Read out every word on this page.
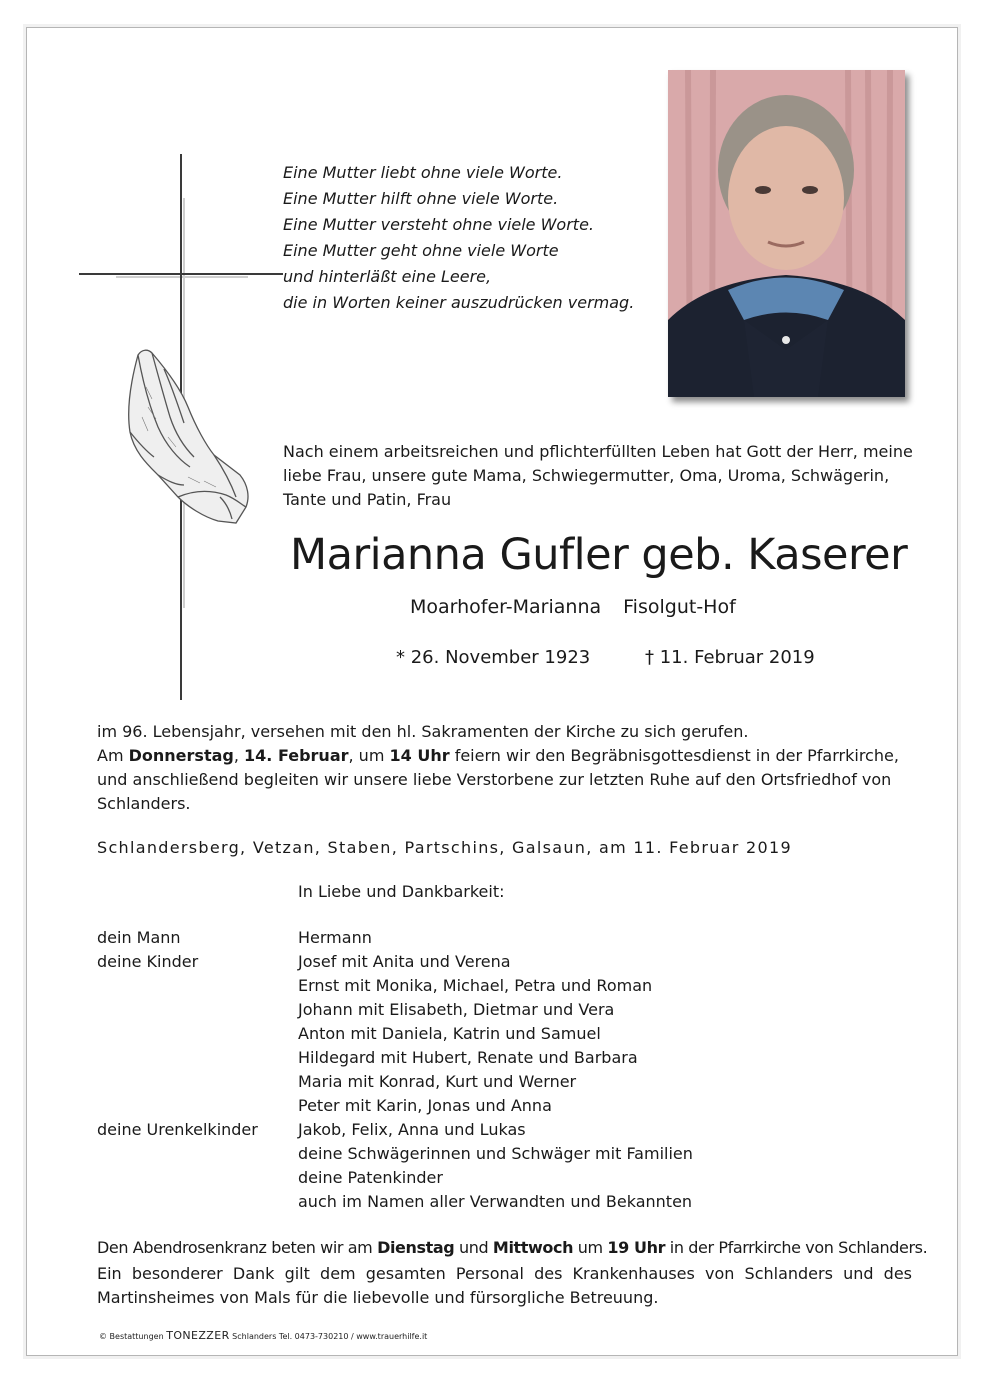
Eine Mutter liebt ohne viele Worte.
Eine Mutter hilft ohne viele Worte.
Eine Mutter versteht ohne viele Worte.
Eine Mutter geht ohne viele Worte
und hinterläßt eine Leere,
die in Worten keiner auszudrücken vermag.
Nach einem arbeitsreichen und pflichterfüllten Leben hat Gott der Herr, meine liebe Frau, unsere gute Mama, Schwiegermutter, Oma, Uroma, Schwägerin, Tante und Patin, Frau
Marianna Gufler geb. Kaserer
Moarhofer-Marianna Fisolgut-Hof
* 26. November 1923	† 11. Februar 2019

im 96. Lebensjahr, versehen mit den hl. Sakramenten der Kirche zu sich gerufen.

Am Donnerstag, 14. Februar, um 14 Uhr feiern wir den Begräbnisgottesdienst in der Pfarrkirche, und anschließend begleiten wir unsere liebe Verstorbene zur letzten Ruhe auf den Ortsfriedhof von Schlanders.

Schlandersberg, Vetzan, Staben, Partschins, Galsaun, am 11. Februar 2019
In Liebe und Dankbarkeit:
dein Mann
deine Kinder
deine Urenkelkinder
Hermann
Josef mit Anita und Verena
Ernst mit Monika, Michael, Petra und Roman
Johann mit Elisabeth, Dietmar und Vera
Anton mit Daniela, Katrin und Samuel
Hildegard mit Hubert, Renate und Barbara
Maria mit Konrad, Kurt und Werner
Peter mit Karin, Jonas und Anna
Jakob, Felix, Anna und Lukas
deine Schwägerinnen und Schwäger mit Familien
deine Patenkinder
auch im Namen aller Verwandten und Bekannten
Den Abendrosenkranz beten wir am Dienstag und Mittwoch um 19 Uhr in der Pfarrkirche von Schlanders.
Ein besonderer Dank gilt dem gesamten Personal des Krankenhauses von Schlanders und des Martinsheimes von Mals für die liebevolle und fürsorgliche Betreuung.
© Bestattungen TONEZZER Schlanders Tel. 0473-730210 / www.trauerhilfe.it
